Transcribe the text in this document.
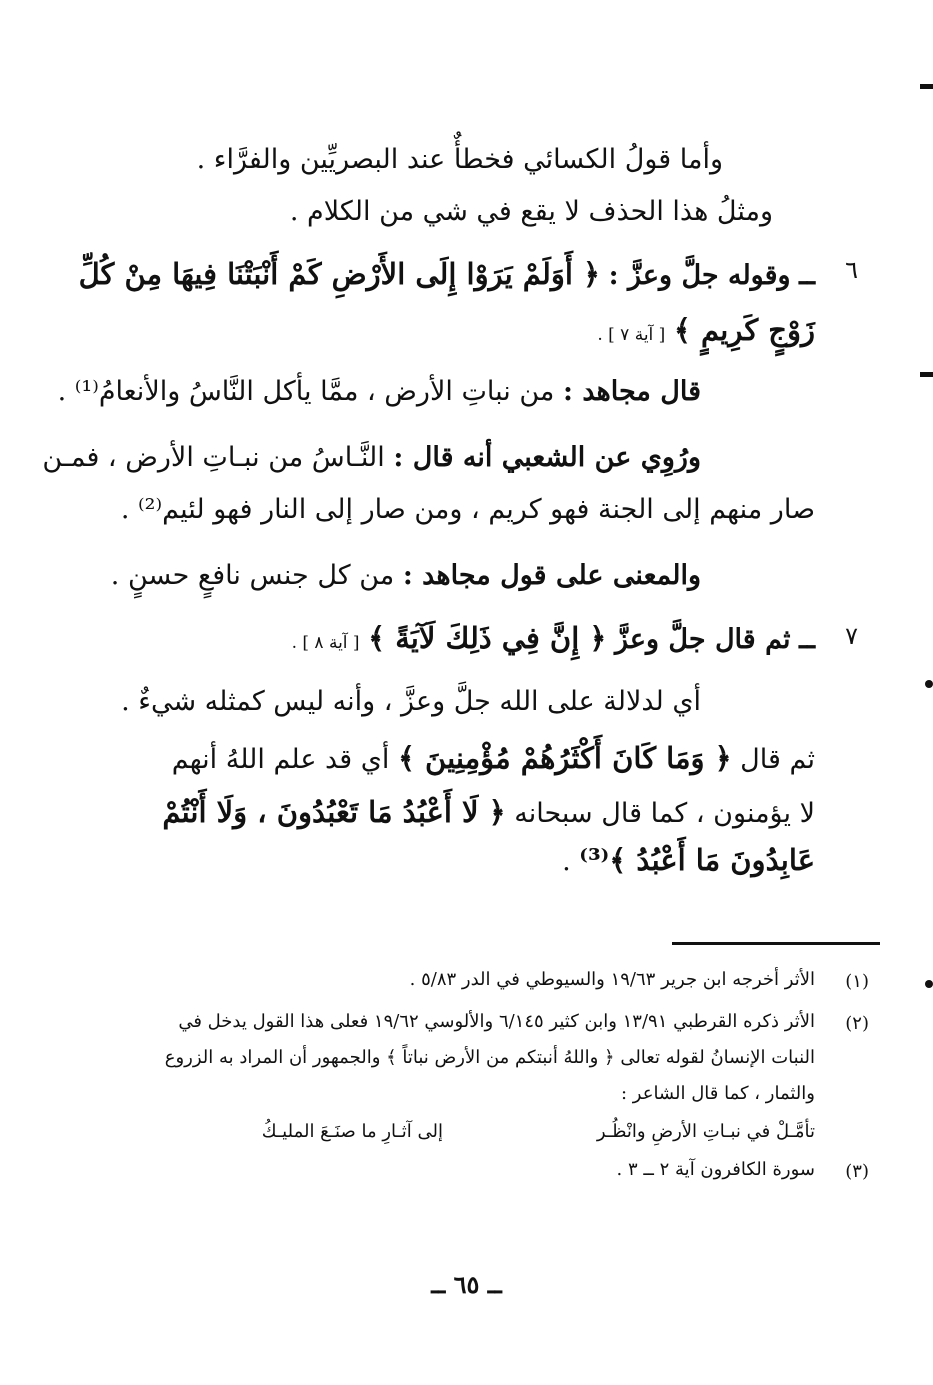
وأما قولُ الكسائي فخطأٌ عند البصريِّين والفرَّاء .
ومثلُ هذا الحذف لا يقع في شي من الكلام .
٦
ــ وقوله جلَّ وعزَّ : ﴿ أَوَلَمْ يَرَوْا إِلَى الأَرْضِ كَمْ أَنْبَتْنَا فِيهَا مِنْ كُلِّ
زَوْجٍ كَرِيمٍ ﴾ [ آية ٧ ] .
قال مجاهد : من نباتِ الأرض ، ممَّا يأكل النَّاسُ والأنعامُ⁽¹⁾ .
ورُوِي عن الشعبي أنه قال : النَّـاسُ من نبـاتِ الأرض ، فمـن
صار منهم إلى الجنة فهو كريم ، ومن صار إلى النار فهو لئيم⁽²⁾ .
والمعنى على قول مجاهد : من كل جنس نافعٍ حسنٍ .
٧
ــ ثم قال جلَّ وعزَّ ﴿ إِنَّ فِي ذَلِكَ لَآيَةً ﴾ [ آية ٨ ] .
أي لدلالة على الله جلَّ وعزَّ ، وأنه ليس كمثله شيءٌ .
ثم قال ﴿ وَمَا كَانَ أَكْثَرُهُمْ مُؤْمِنِينَ ﴾ أي قد علم اللهُ أنهم
لا يؤمنون ، كما قال سبحانه ﴿ لَا أَعْبُدُ مَا تَعْبُدُونَ ، وَلَا أَنْتُمْ
عَابِدُونَ مَا أَعْبُدُ ﴾⁽³⁾ .
(١)
الأثر أخرجه ابن جرير ١٩/٦٣ والسيوطي في الدر ٥/٨٣ .
(٢)
الأثر ذكره القرطبي ١٣/٩١ وابن كثير ٦/١٤٥ والألوسي ١٩/٦٢ فعلى هذا القول يدخل في
النبات الإنسانُ لقوله تعالى ﴿ واللهُ أنبتكم من الأرض نباتاً ﴾ والجمهور أن المراد به الزروع
والثمار ، كما قال الشاعر :
تأمَّـلْ في نبـاتِ الأرضِ وانْظُـر
إلى آثـارِ ما صنَـعَ المليـكُ
(٣)
سورة الكافرون آية ٢ ــ ٣ .
ــ ٦٥ ــ
